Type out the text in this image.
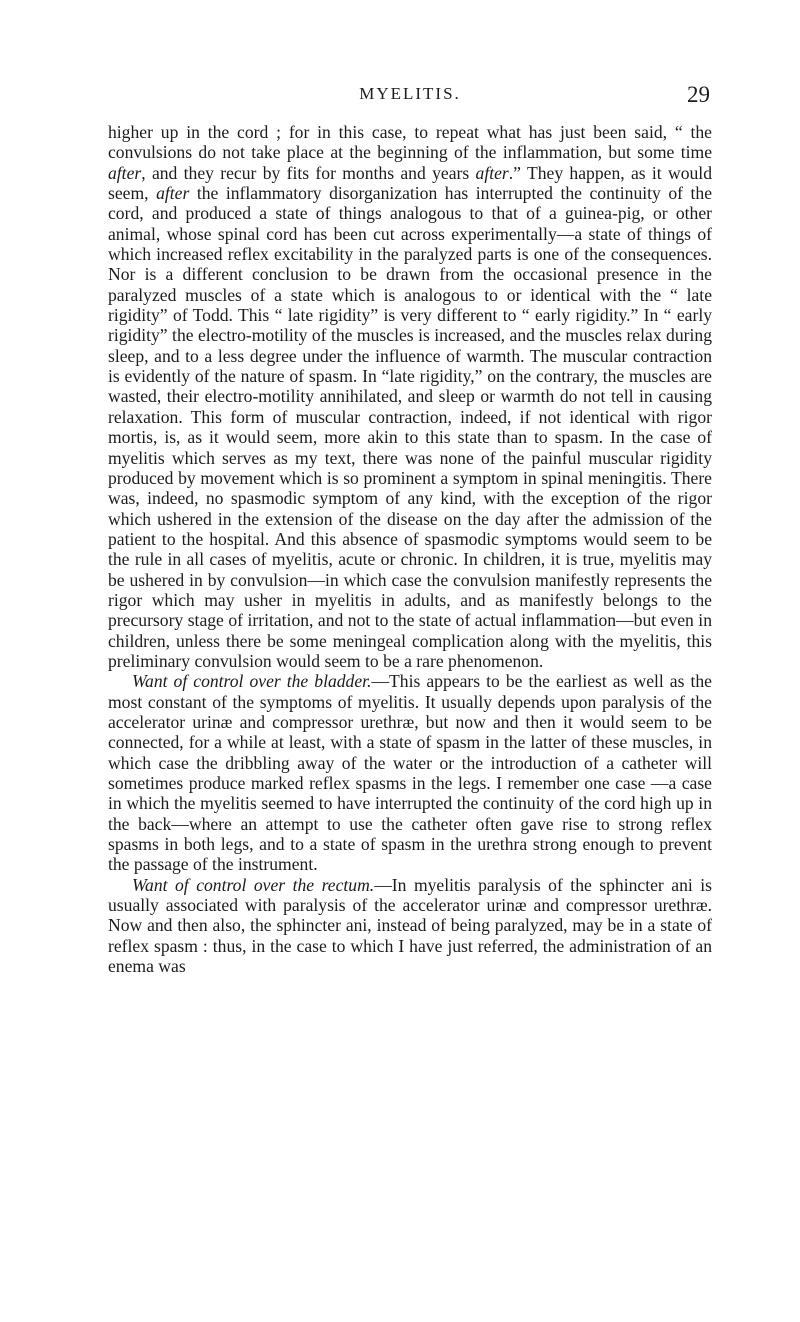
MYELITIS.	29

higher up in the cord ; for in this case, to repeat what has just been said, “ the convulsions do not take place at the beginning of the inflammation, but some time after, and they recur by fits for months and years after.” They happen, as it would seem, after the inflammatory disorganization has interrupted the continuity of the cord, and produced a state of things analogous to that of a guinea-pig, or other animal, whose spinal cord has been cut across experimentally—a state of things of which increased reflex excitability in the paralyzed parts is one of the consequences. Nor is a different conclusion to be drawn from the occasional presence in the paralyzed muscles of a state which is analogous to or identical with the “ late rigidity” of Todd. This “ late rigidity” is very different to “ early rigidity.” In “ early rigidity” the electro-motility of the muscles is increased, and the muscles relax during sleep, and to a less degree under the influence of warmth. The muscular contraction is evidently of the nature of spasm. In “late rigidity,” on the contrary, the muscles are wasted, their electro-motility annihilated, and sleep or warmth do not tell in causing relaxation. This form of muscular contraction, indeed, if not identical with rigor mortis, is, as it would seem, more akin to this state than to spasm. In the case of myelitis which serves as my text, there was none of the painful muscular rigidity produced by movement which is so prominent a symptom in spinal meningitis. There was, indeed, no spasmodic symptom of any kind, with the exception of the rigor which ushered in the extension of the disease on the day after the admission of the patient to the hospital. And this absence of spasmodic symptoms would seem to be the rule in all cases of myelitis, acute or chronic. In children, it is true, myelitis may be ushered in by convulsion—in which case the convulsion manifestly represents the rigor which may usher in myelitis in adults, and as manifestly belongs to the precursory stage of irritation, and not to the state of actual inflammation—but even in children, unless there be some meningeal complication along with the myelitis, this preliminary convulsion would seem to be a rare phenomenon.

Want of control over the bladder.—This appears to be the earliest as well as the most constant of the symptoms of myelitis. It usually depends upon paralysis of the accelerator urinæ and compressor urethræ, but now and then it would seem to be connected, for a while at least, with a state of spasm in the latter of these muscles, in which case the dribbling away of the water or the introduction of a catheter will sometimes produce marked reflex spasms in the legs. I remember one case —a case in which the myelitis seemed to have interrupted the continuity of the cord high up in the back—where an attempt to use the catheter often gave rise to strong reflex spasms in both legs, and to a state of spasm in the urethra strong enough to prevent the passage of the instrument.

Want of control over the rectum.—In myelitis paralysis of the sphincter ani is usually associated with paralysis of the accelerator urinæ and compressor urethræ. Now and then also, the sphincter ani, instead of being paralyzed, may be in a state of reflex spasm : thus, in the case to which I have just referred, the administration of an enema was
